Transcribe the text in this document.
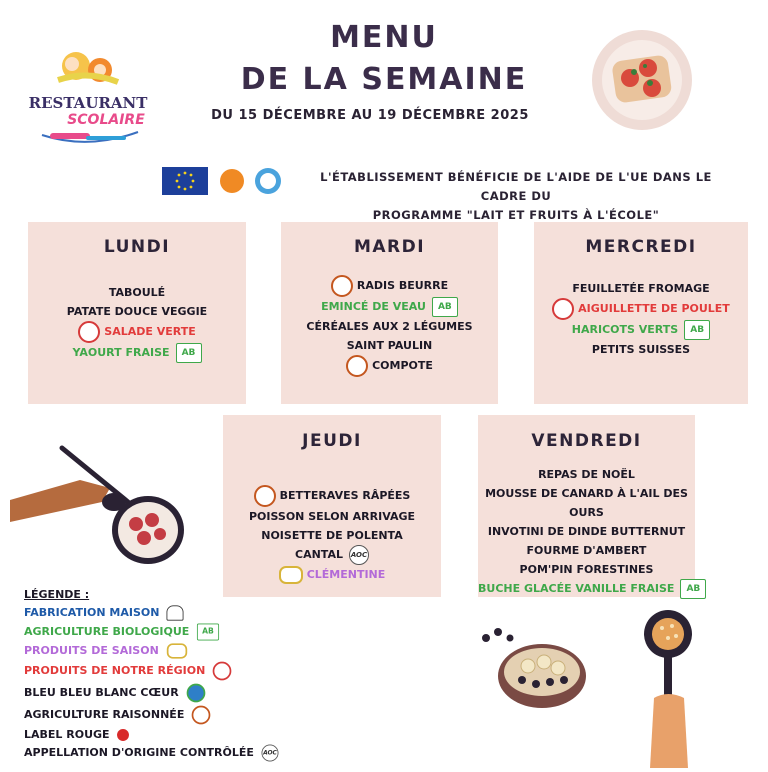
RESTAURANT
SCOLAIRE
MENU
DE LA SEMAINE
DU 15 DÉCEMBRE AU 19 DÉCEMBRE 2025
L'ÉTABLISSEMENT BÉNÉFICIE DE L'AIDE DE L'UE DANS LE CADRE DU
PROGRAMME "LAIT ET FRUITS À L'ÉCOLE"
LUNDI
TABOULÉ
PATATE DOUCE VEGGIE
SALADE VERTE
YAOURT FRAISE AB
MARDI
RADIS BEURRE
EMINCÉ DE VEAU AB
CÉRÉALES AUX 2 LÉGUMES
SAINT PAULIN
COMPOTE
MERCREDI
FEUILLETÉE FROMAGE
AIGUILLETTE DE POULET
HARICOTS VERTS AB
PETITS SUISSES
JEUDI
BETTERAVES RÂPÉES
POISSON SELON ARRIVAGE
NOISETTE DE POLENTA
CANTAL AOC
CLÉMENTINE
VENDREDI
REPAS DE NOËL
MOUSSE DE CANARD À L'AIL DES
OURS
INVOTINI DE DINDE BUTTERNUT
FOURME D'AMBERT
POM'PIN FORESTINES
BUCHE GLACÉE VANILLE FRAISE AB
LÉGENDE :
FABRICATION MAISON
AGRICULTURE BIOLOGIQUE AB
PRODUITS DE SAISON
PRODUITS DE NOTRE RÉGION
BLEU BLEU BLANC CŒUR
AGRICULTURE RAISONNÉE
LABEL ROUGE
APPELLATION D'ORIGINE CONTRÔLÉE AOC
